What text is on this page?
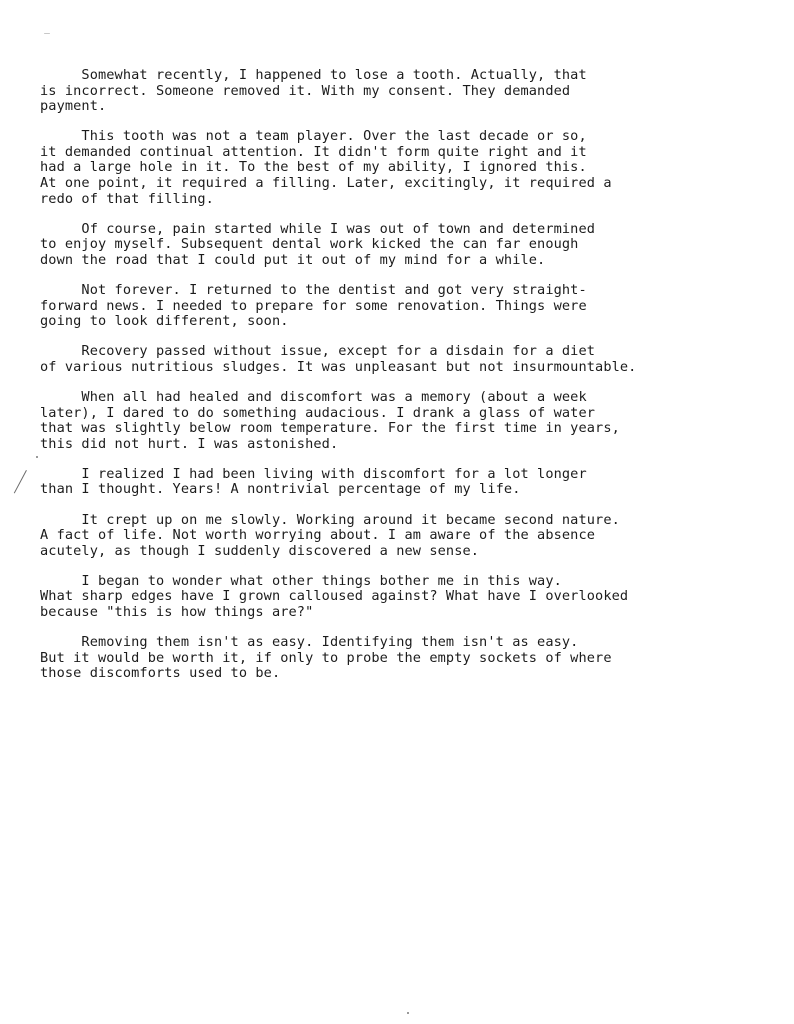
Somewhat recently, I happened to lose a tooth. Actually, that
is incorrect. Someone removed it. With my consent. They demanded
payment.

This tooth was not a team player. Over the last decade or so,
it demanded continual attention. It didn't form quite right and it
had a large hole in it. To the best of my ability, I ignored this.
At one point, it required a filling. Later, excitingly, it required a
redo of that filling.

Of course, pain started while I was out of town and determined
to enjoy myself. Subsequent dental work kicked the can far enough
down the road that I could put it out of my mind for a while.

Not forever. I returned to the dentist and got very straight-
forward news. I needed to prepare for some renovation. Things were
going to look different, soon.

Recovery passed without issue, except for a disdain for a diet
of various nutritious sludges. It was unpleasant but not insurmountable.

When all had healed and discomfort was a memory (about a week
later), I dared to do something audacious. I drank a glass of water
that was slightly below room temperature. For the first time in years,
this did not hurt. I was astonished.

I realized I had been living with discomfort for a lot longer
than I thought. Years! A nontrivial percentage of my life.

It crept up on me slowly. Working around it became second nature.
A fact of life. Not worth worrying about. I am aware of the absence
acutely, as though I suddenly discovered a new sense.

I began to wonder what other things bother me in this way.
What sharp edges have I grown calloused against? What have I overlooked
because "this is how things are?"

Removing them isn't as easy. Identifying them isn't as easy.
But it would be worth it, if only to probe the empty sockets of where
those discomforts used to be.
